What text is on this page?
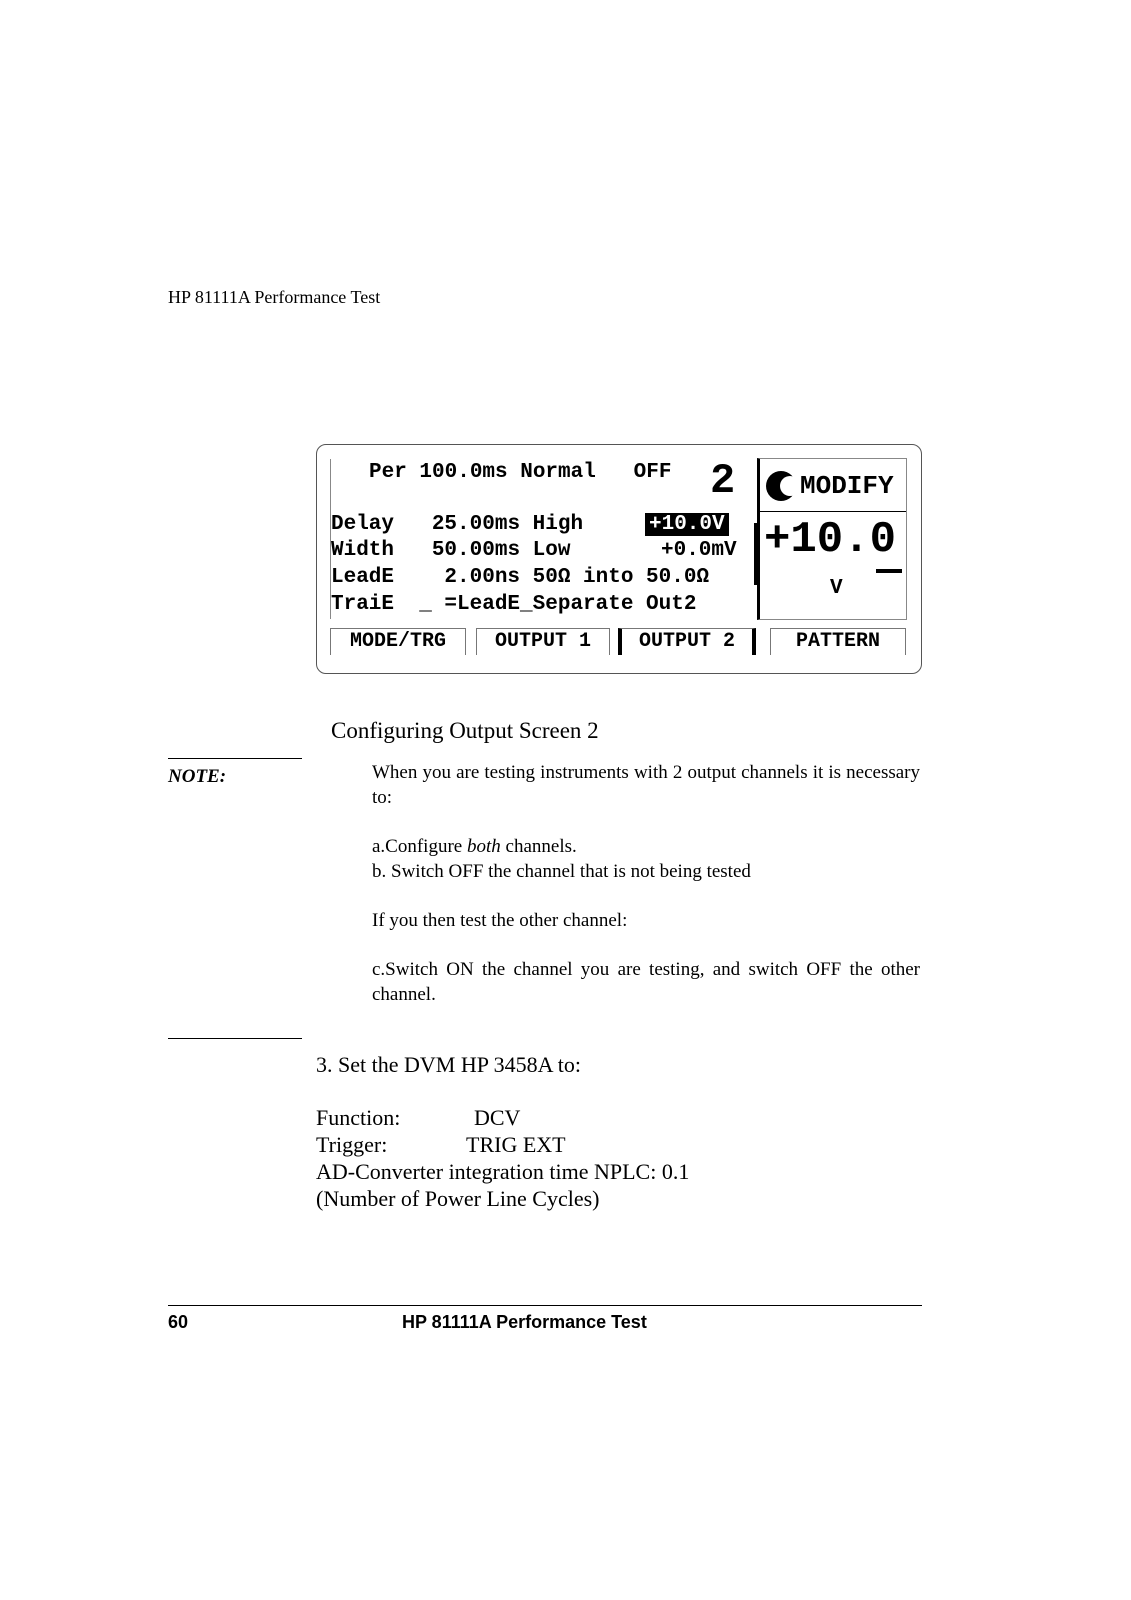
HP 81111A Performance Test
Per 100.0ms Normal   OFF 2
Delay 25.00ms High	+10.0V
Width 50.00ms Low	+0.0mV
LeadE    2.00ns 50Ω into 50.0Ω
TraiE  _ =LeadE_Separate Out2
MODIFY
+10.0
V
MODE/TRG	OUTPUT 1	OUTPUT 2	PATTERN
Configuring Output Screen 2
NOTE:	When you are testing instruments with 2 output channels it is necessary to:

a.Configure both channels.
b. Switch OFF the channel that is not being tested

If you then test the other channel:

c.Switch ON the channel you are testing, and switch OFF the other channel.

3. Set the DVM HP 3458A to:
Function:	DCV
Trigger:	TRIG EXT
AD-Converter integration time NPLC: 0.1
(Number of Power Line Cycles)
60	HP 81111A Performance Test
